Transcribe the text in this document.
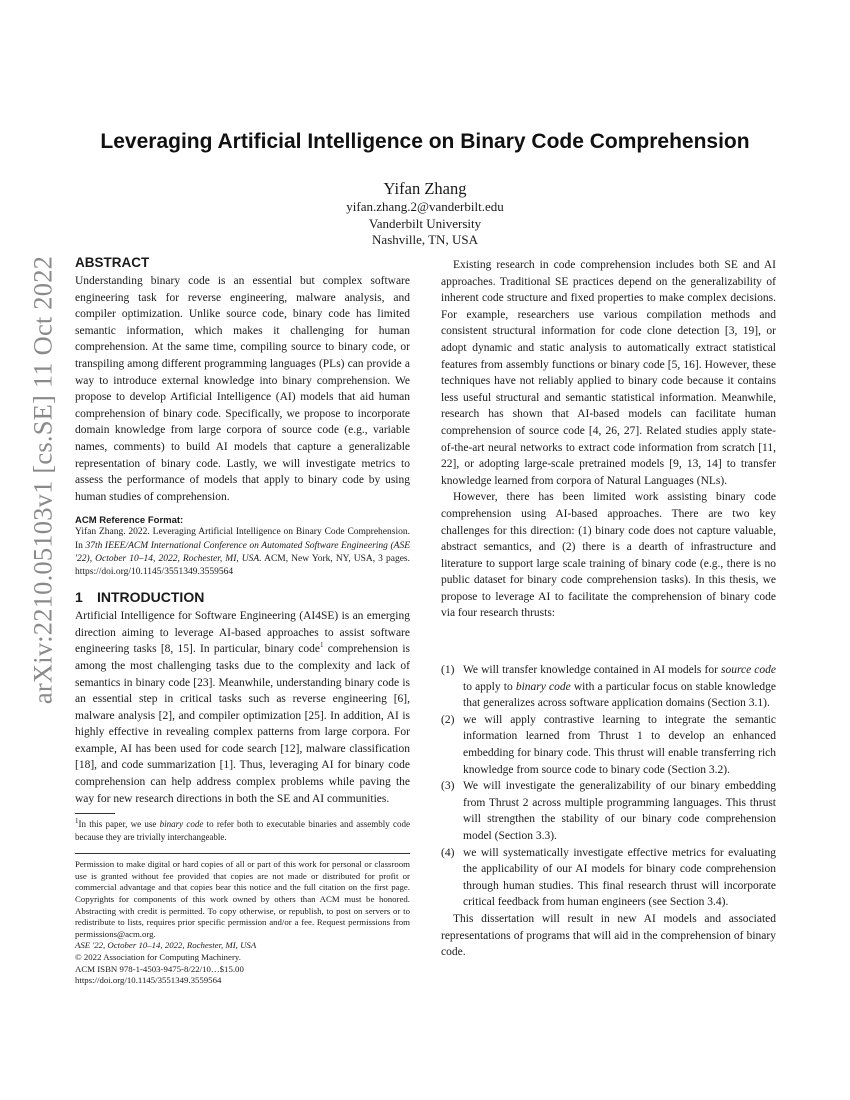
arXiv:2210.05103v1 [cs.SE] 11 Oct 2022
Leveraging Artificial Intelligence on Binary Code Comprehension
Yifan Zhang
yifan.zhang.2@vanderbilt.edu
Vanderbilt University
Nashville, TN, USA
ABSTRACT

Understanding binary code is an essential but complex software engineering task for reverse engineering, malware analysis, and compiler optimization. Unlike source code, binary code has limited semantic information, which makes it challenging for human comprehension. At the same time, compiling source to binary code, or transpiling among different programming languages (PLs) can provide a way to introduce external knowledge into binary comprehension. We propose to develop Artificial Intelligence (AI) models that aid human comprehension of binary code. Specifically, we propose to incorporate domain knowledge from large corpora of source code (e.g., variable names, comments) to build AI models that capture a generalizable representation of binary code. Lastly, we will investigate metrics to assess the performance of models that apply to binary code by using human studies of comprehension.

ACM Reference Format:
Yifan Zhang. 2022. Leveraging Artificial Intelligence on Binary Code Comprehension. In 37th IEEE/ACM International Conference on Automated Software Engineering (ASE '22), October 10–14, 2022, Rochester, MI, USA. ACM, New York, NY, USA, 3 pages. https://doi.org/10.1145/3551349.3559564
1 INTRODUCTION

Artificial Intelligence for Software Engineering (AI4SE) is an emerging direction aiming to leverage AI-based approaches to assist software engineering tasks [8, 15]. In particular, binary code$^1$ comprehension is among the most challenging tasks due to the complexity and lack of semantics in binary code [23]. Meanwhile, understanding binary code is an essential step in critical tasks such as reverse engineering [6], malware analysis [2], and compiler optimization [25]. In addition, AI is highly effective in revealing complex patterns from large corpora. For example, AI has been used for code search [12], malware classification [18], and code summarization [1]. Thus, leveraging AI for binary code comprehension can help address complex problems while paving the way for new research directions in both the SE and AI communities.

$^1$In this paper, we use binary code to refer both to executable binaries and assembly code because they are trivially interchangeable.
Permission to make digital or hard copies of all or part of this work for personal or classroom use is granted without fee provided that copies are not made or distributed for profit or commercial advantage and that copies bear this notice and the full citation on the first page. Copyrights for components of this work owned by others than ACM must be honored. Abstracting with credit is permitted. To copy otherwise, or republish, to post on servers or to redistribute to lists, requires prior specific permission and/or a fee. Request permissions from permissions@acm.org.
ASE '22, October 10–14, 2022, Rochester, MI, USA
© 2022 Association for Computing Machinery.
ACM ISBN 978-1-4503-9475-8/22/10…$15.00
https://doi.org/10.1145/3551349.3559564

Existing research in code comprehension includes both SE and AI approaches. Traditional SE practices depend on the generalizability of inherent code structure and fixed properties to make complex decisions. For example, researchers use various compilation methods and consistent structural information for code clone detection [3, 19], or adopt dynamic and static analysis to automatically extract statistical features from assembly functions or binary code [5, 16]. However, these techniques have not reliably applied to binary code because it contains less useful structural and semantic statistical information. Meanwhile, research has shown that AI-based models can facilitate human comprehension of source code [4, 26, 27]. Related studies apply state-of-the-art neural networks to extract code information from scratch [11, 22], or adopting large-scale pretrained models [9, 13, 14] to transfer knowledge learned from corpora of Natural Languages (NLs).

However, there has been limited work assisting binary code comprehension using AI-based approaches. There are two key challenges for this direction: (1) binary code does not capture valuable, abstract semantics, and (2) there is a dearth of infrastructure and literature to support large scale training of binary code (e.g., there is no public dataset for binary code comprehension tasks). In this thesis, we propose to leverage AI to facilitate the comprehension of binary code via four research thrusts:

(1) We will transfer knowledge contained in AI models for source code to apply to binary code with a particular focus on stable knowledge that generalizes across software application domains (Section 3.1).
(2) we will apply contrastive learning to integrate the semantic information learned from Thrust 1 to develop an enhanced embedding for binary code. This thrust will enable transferring rich knowledge from source code to binary code (Section 3.2).
(3) We will investigate the generalizability of our binary embedding from Thrust 2 across multiple programming languages. This thrust will strengthen the stability of our binary code comprehension model (Section 3.3).
(4) we will systematically investigate effective metrics for evaluating the applicability of our AI models for binary code comprehension through human studies. This final research thrust will incorporate critical feedback from human engineers (see Section 3.4).

This dissertation will result in new AI models and associated representations of programs that will aid in the comprehension of binary code.
